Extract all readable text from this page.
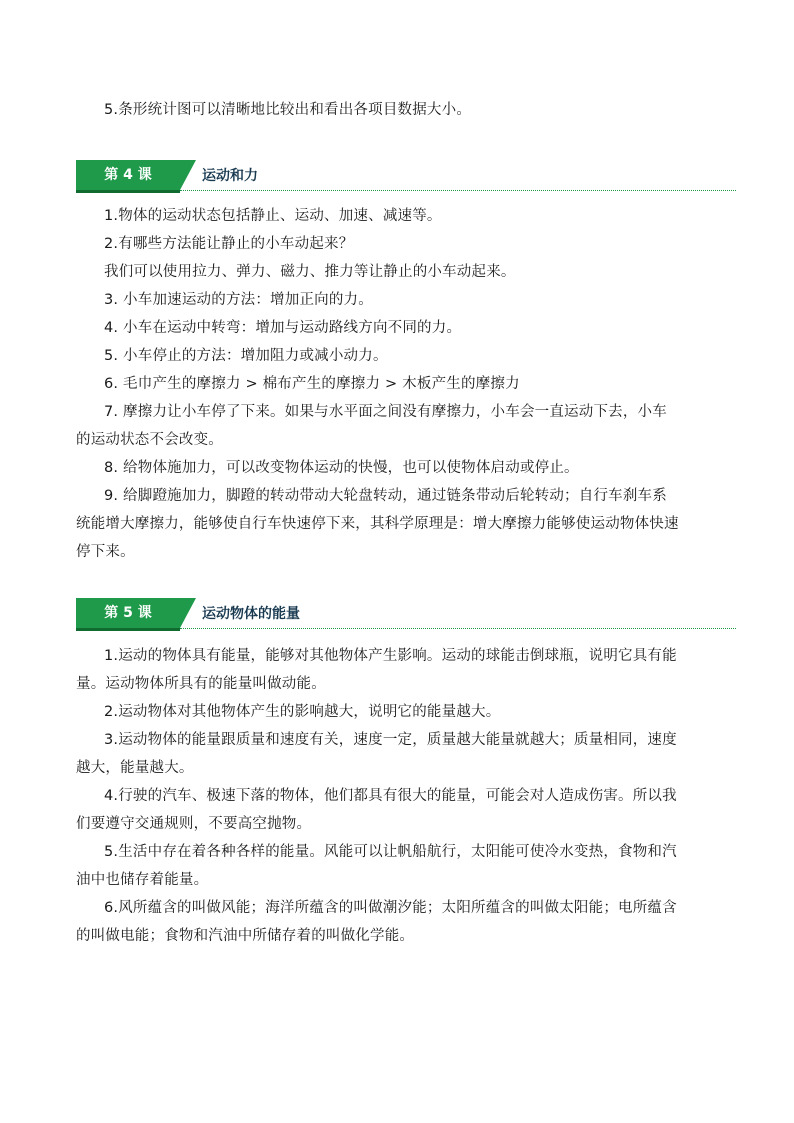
5.条形统计图可以清晰地比较出和看出各项目数据大小。
第 4 课	运动和力
1.物体的运动状态包括静止、运动、加速、减速等。
2.有哪些方法能让静止的小车动起来？
我们可以使用拉力、弹力、磁力、推力等让静止的小车动起来。
3. 小车加速运动的方法：增加正向的力。
4. 小车在运动中转弯：增加与运动路线方向不同的力。
5. 小车停止的方法：增加阻力或减小动力。
6. 毛巾产生的摩擦力 > 棉布产生的摩擦力 > 木板产生的摩擦力
7. 摩擦力让小车停了下来。如果与水平面之间没有摩擦力，小车会一直运动下去，小车
的运动状态不会改变。
8. 给物体施加力，可以改变物体运动的快慢，也可以使物体启动或停止。
9. 给脚蹬施加力，脚蹬的转动带动大轮盘转动，通过链条带动后轮转动；自行车刹车系
统能增大摩擦力，能够使自行车快速停下来，其科学原理是：增大摩擦力能够使运动物体快速
停下来。
第 5 课	运动物体的能量
1.运动的物体具有能量，能够对其他物体产生影响。运动的球能击倒球瓶，说明它具有能
量。运动物体所具有的能量叫做动能。
2.运动物体对其他物体产生的影响越大，说明它的能量越大。
3.运动物体的能量跟质量和速度有关，速度一定，质量越大能量就越大；质量相同，速度
越大，能量越大。
4.行驶的汽车、极速下落的物体，他们都具有很大的能量，可能会对人造成伤害。所以我
们要遵守交通规则，不要高空抛物。
5.生活中存在着各种各样的能量。风能可以让帆船航行，太阳能可使冷水变热，食物和汽
油中也储存着能量。
6.风所蕴含的叫做风能；海洋所蕴含的叫做潮汐能；太阳所蕴含的叫做太阳能；电所蕴含
的叫做电能；食物和汽油中所储存着的叫做化学能。
